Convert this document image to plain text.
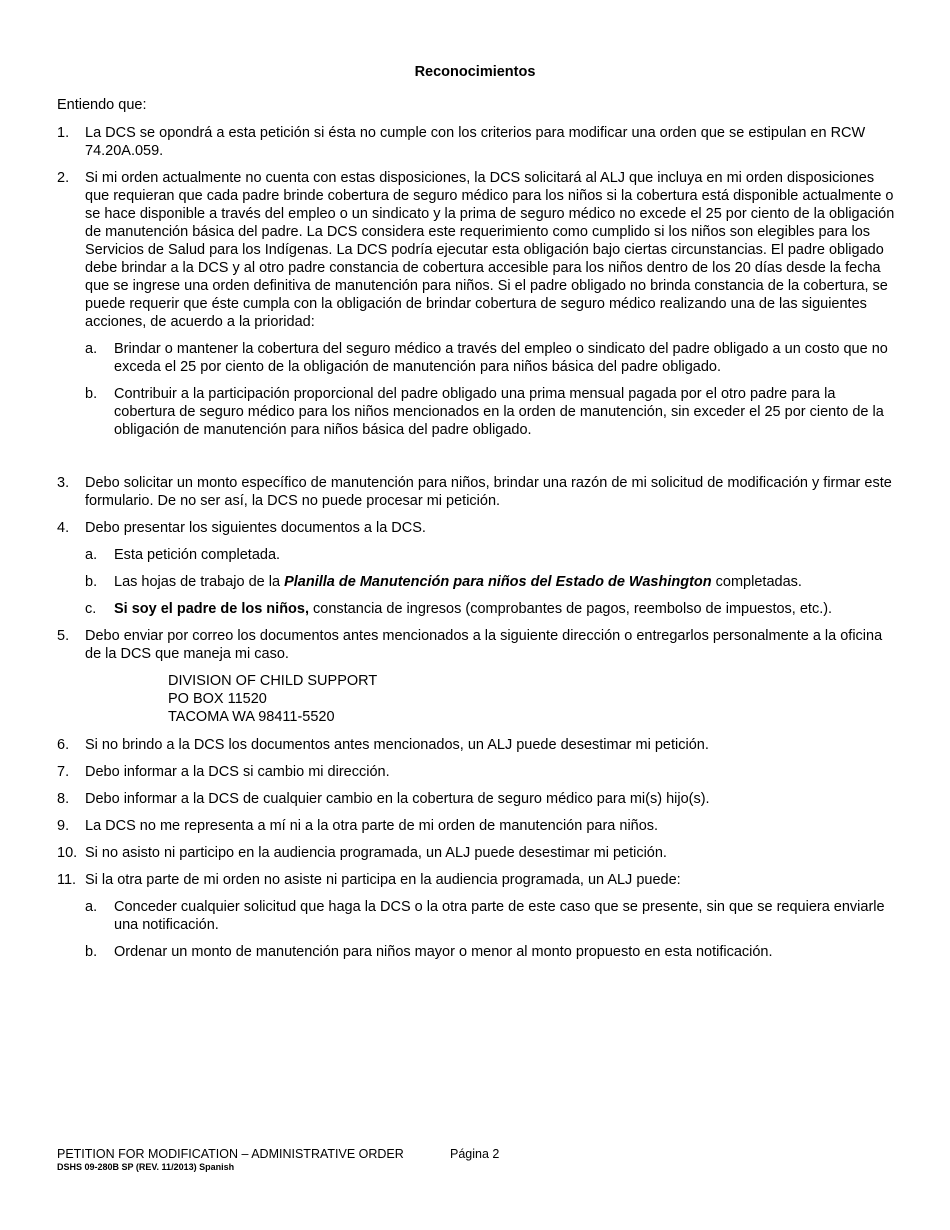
Reconocimientos
Entiendo que:
1. La DCS se opondrá a esta petición si ésta no cumple con los criterios para modificar una orden que se estipulan en RCW 74.20A.059.
2. Si mi orden actualmente no cuenta con estas disposiciones, la DCS solicitará al ALJ que incluya en mi orden disposiciones que requieran que cada padre brinde cobertura de seguro médico para los niños si la cobertura está disponible actualmente o se hace disponible a través del empleo o un sindicato y la prima de seguro médico no excede el 25 por ciento de la obligación de manutención básica del padre. La DCS considera este requerimiento como cumplido si los niños son elegibles para los Servicios de Salud para los Indígenas. La DCS podría ejecutar esta obligación bajo ciertas circunstancias. El padre obligado debe brindar a la DCS y al otro padre constancia de cobertura accesible para los niños dentro de los 20 días desde la fecha que se ingrese una orden definitiva de manutención para niños. Si el padre obligado no brinda constancia de la cobertura, se puede requerir que éste cumpla con la obligación de brindar cobertura de seguro médico realizando una de las siguientes acciones, de acuerdo a la prioridad:
a. Brindar o mantener la cobertura del seguro médico a través del empleo o sindicato del padre obligado a un costo que no exceda el 25 por ciento de la obligación de manutención para niños básica del padre obligado.
b. Contribuir a la participación proporcional del padre obligado una prima mensual pagada por el otro padre para la cobertura de seguro médico para los niños mencionados en la orden de manutención, sin exceder el 25 por ciento de la obligación de manutención para niños básica del padre obligado.
3. Debo solicitar un monto específico de manutención para niños, brindar una razón de mi solicitud de modificación y firmar este formulario. De no ser así, la DCS no puede procesar mi petición.
4. Debo presentar los siguientes documentos a la DCS.
a. Esta petición completada.
b. Las hojas de trabajo de la Planilla de Manutención para niños del Estado de Washington completadas.
c. Si soy el padre de los niños, constancia de ingresos (comprobantes de pagos, reembolso de impuestos, etc.).
5. Debo enviar por correo los documentos antes mencionados a la siguiente dirección o entregarlos personalmente a la oficina de la DCS que maneja mi caso.
DIVISION OF CHILD SUPPORT
PO BOX 11520
TACOMA WA 98411-5520
6. Si no brindo a la DCS los documentos antes mencionados, un ALJ puede desestimar mi petición.
7. Debo informar a la DCS si cambio mi dirección.
8. Debo informar a la DCS de cualquier cambio en la cobertura de seguro médico para mi(s) hijo(s).
9. La DCS no me representa a mí ni a la otra parte de mi orden de manutención para niños.
10. Si no asisto ni participo en la audiencia programada, un ALJ puede desestimar mi petición.
11. Si la otra parte de mi orden no asiste ni participa en la audiencia programada, un ALJ puede:
a. Conceder cualquier solicitud que haga la DCS o la otra parte de este caso que se presente, sin que se requiera enviarle una notificación.
b. Ordenar un monto de manutención para niños mayor o menor al monto propuesto en esta notificación.
PETITION FOR MODIFICATION – ADMINISTRATIVE ORDER	Página 2
DSHS 09-280B SP (REV. 11/2013) Spanish
